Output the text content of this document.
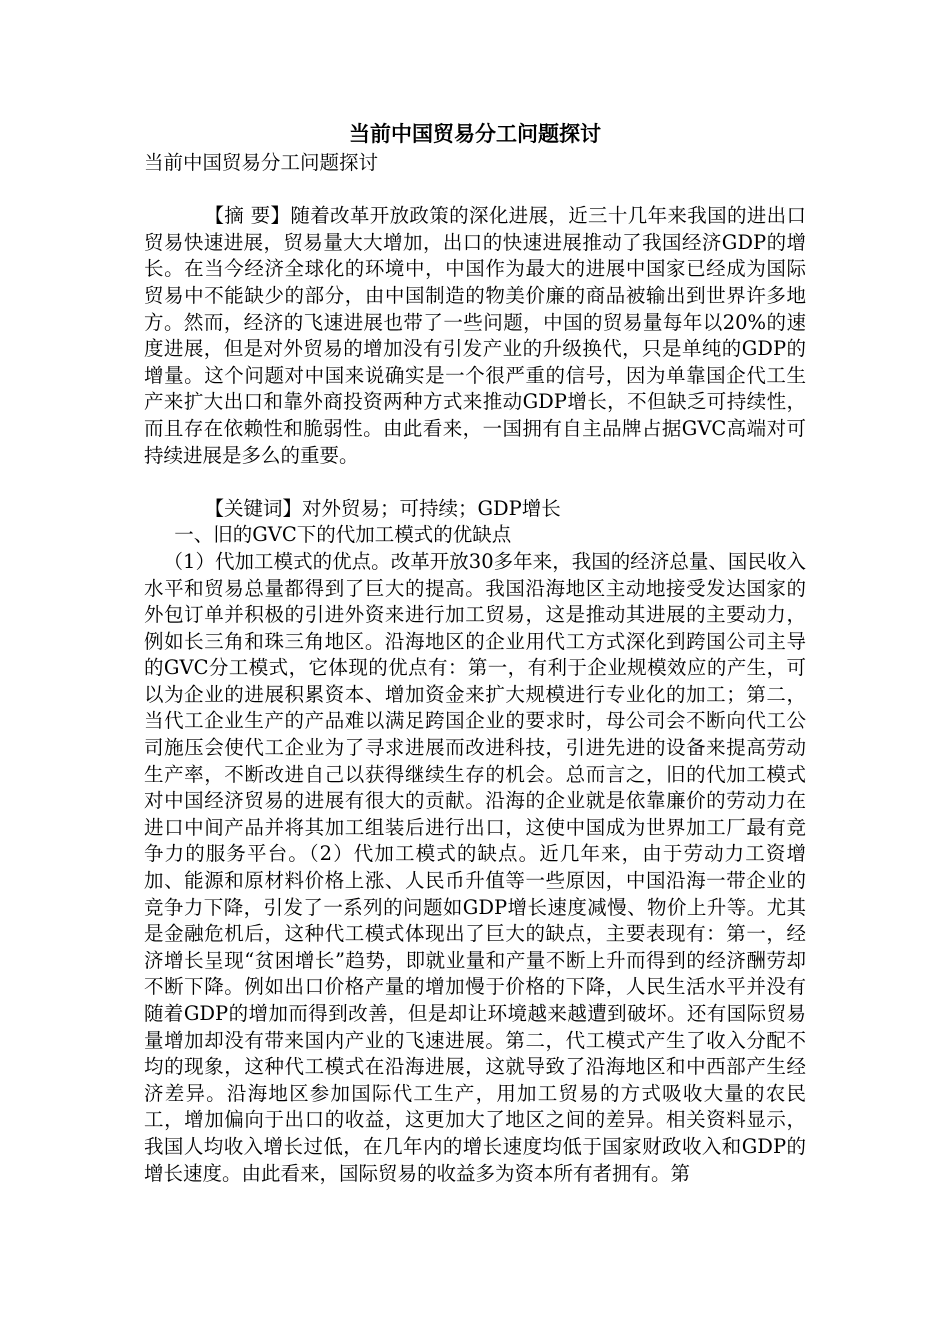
当前中国贸易分工问题探讨

当前中国贸易分工问题探讨

【摘 要】随着改革开放政策的深化进展，近三十几年来我国的进出口贸易快速进展，贸易量大大增加，出口的快速进展推动了我国经济GDP的增长。在当今经济全球化的环境中，中国作为最大的进展中国家已经成为国际贸易中不能缺少的部分，由中国制造的物美价廉的商品被输出到世界许多地方。然而，经济的飞速进展也带了一些问题，中国的贸易量每年以20%的速度进展，但是对外贸易的增加没有引发产业的升级换代，只是单纯的GDP的增量。这个问题对中国来说确实是一个很严重的信号，因为单靠国企代工生产来扩大出口和靠外商投资两种方式来推动GDP增长，不但缺乏可持续性，而且存在依赖性和脆弱性。由此看来，一国拥有自主品牌占据GVC高端对可持续进展是多么的重要。

【关键词】对外贸易；可持续；GDP增长

一、旧的GVC下的代加工模式的优缺点

（1）代加工模式的优点。改革开放30多年来，我国的经济总量、国民收入水平和贸易总量都得到了巨大的提高。我国沿海地区主动地接受发达国家的外包订单并积极的引进外资来进行加工贸易，这是推动其进展的主要动力，例如长三角和珠三角地区。沿海地区的企业用代工方式深化到跨国公司主导的GVC分工模式，它体现的优点有：第一，有利于企业规模效应的产生，可以为企业的进展积累资本、增加资金来扩大规模进行专业化的加工；第二，当代工企业生产的产品难以满足跨国企业的要求时，母公司会不断向代工公司施压会使代工企业为了寻求进展而改进科技，引进先进的设备来提高劳动生产率，不断改进自己以获得继续生存的机会。总而言之，旧的代加工模式对中国经济贸易的进展有很大的贡献。沿海的企业就是依靠廉价的劳动力在进口中间产品并将其加工组装后进行出口，这使中国成为世界加工厂最有竞争力的服务平台。（2）代加工模式的缺点。近几年来，由于劳动力工资增加、能源和原材料价格上涨、人民币升值等一些原因，中国沿海一带企业的竞争力下降，引发了一系列的问题如GDP增长速度减慢、物价上升等。尤其是金融危机后，这种代工模式体现出了巨大的缺点，主要表现有：第一，经济增长呈现“贫困增长”趋势，即就业量和产量不断上升而得到的经济酬劳却不断下降。例如出口价格产量的增加慢于价格的下降，人民生活水平并没有随着GDP的增加而得到改善，但是却让环境越来越遭到破坏。还有国际贸易量增加却没有带来国内产业的飞速进展。第二，代工模式产生了收入分配不均的现象，这种代工模式在沿海进展，这就导致了沿海地区和中西部产生经济差异。沿海地区参加国际代工生产，用加工贸易的方式吸收大量的农民工，增加偏向于出口的收益，这更加大了地区之间的差异。相关资料显示，我国人均收入增长过低，在几年内的增长速度均低于国家财政收入和GDP的增长速度。由此看来，国际贸易的收益多为资本所有者拥有。第
